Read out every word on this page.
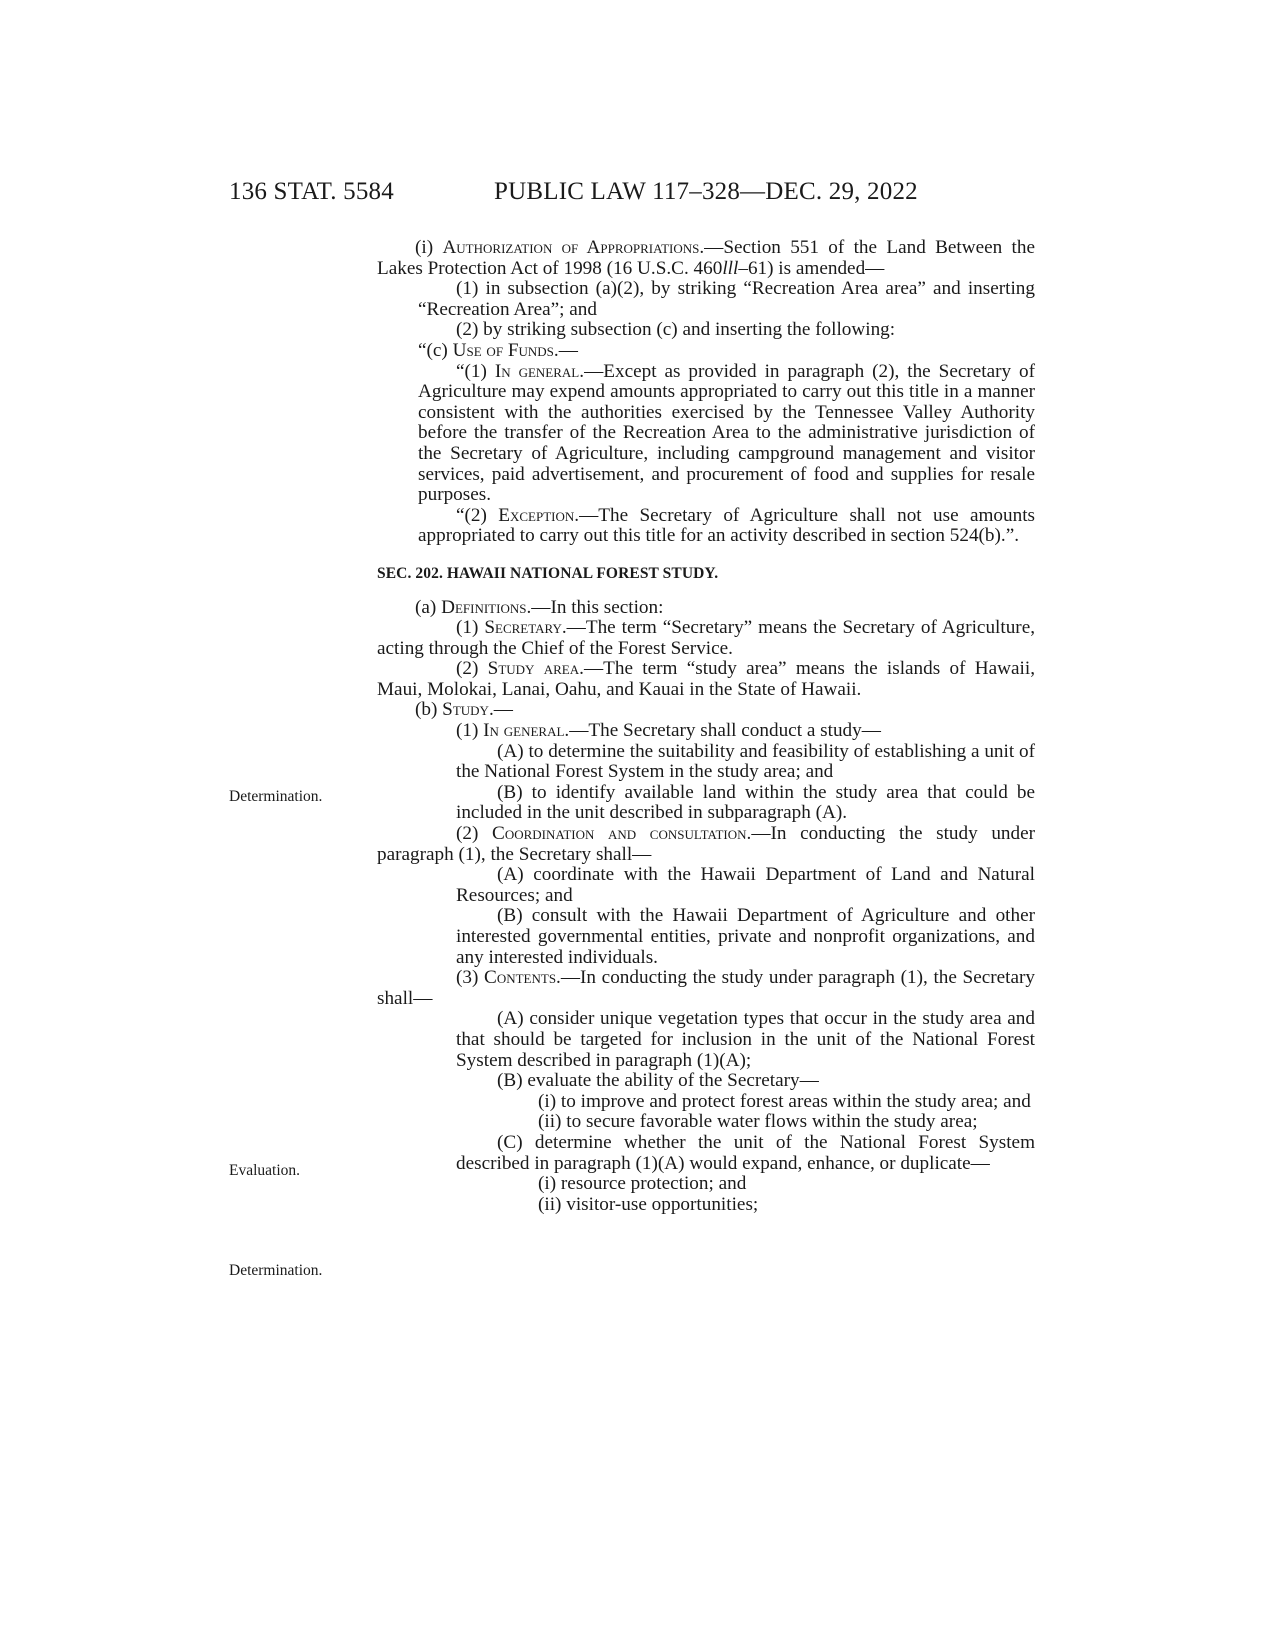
136 STAT. 5584	PUBLIC LAW 117–328—DEC. 29, 2022
Determination.
Evaluation.
Determination.

(i) Authorization of Appropriations.—Section 551 of the Land Between the Lakes Protection Act of 1998 (16 U.S.C. 460lll–61) is amended—

(1) in subsection (a)(2), by striking “Recreation Area area” and inserting “Recreation Area”; and

(2) by striking subsection (c) and inserting the following:

“(c) Use of Funds.—

“(1) In general.—Except as provided in paragraph (2), the Secretary of Agriculture may expend amounts appropriated to carry out this title in a manner consistent with the authorities exercised by the Tennessee Valley Authority before the transfer of the Recreation Area to the administrative jurisdiction of the Secretary of Agriculture, including campground management and visitor services, paid advertisement, and procurement of food and supplies for resale purposes.

“(2) Exception.—The Secretary of Agriculture shall not use amounts appropriated to carry out this title for an activity described in section 524(b).”.

SEC. 202. HAWAII NATIONAL FOREST STUDY.

(a) Definitions.—In this section:

(1) Secretary.—The term “Secretary” means the Secretary of Agriculture, acting through the Chief of the Forest Service.

(2) Study area.—The term “study area” means the islands of Hawaii, Maui, Molokai, Lanai, Oahu, and Kauai in the State of Hawaii.

(b) Study.—

(1) In general.—The Secretary shall conduct a study—

(A) to determine the suitability and feasibility of establishing a unit of the National Forest System in the study area; and

(B) to identify available land within the study area that could be included in the unit described in subparagraph (A).

(2) Coordination and consultation.—In conducting the study under paragraph (1), the Secretary shall—

(A) coordinate with the Hawaii Department of Land and Natural Resources; and

(B) consult with the Hawaii Department of Agriculture and other interested governmental entities, private and nonprofit organizations, and any interested individuals.

(3) Contents.—In conducting the study under paragraph (1), the Secretary shall—

(A) consider unique vegetation types that occur in the study area and that should be targeted for inclusion in the unit of the National Forest System described in paragraph (1)(A);

(B) evaluate the ability of the Secretary—

(i) to improve and protect forest areas within the study area; and

(ii) to secure favorable water flows within the study area;

(C) determine whether the unit of the National Forest System described in paragraph (1)(A) would expand, enhance, or duplicate—

(i) resource protection; and

(ii) visitor-use opportunities;
